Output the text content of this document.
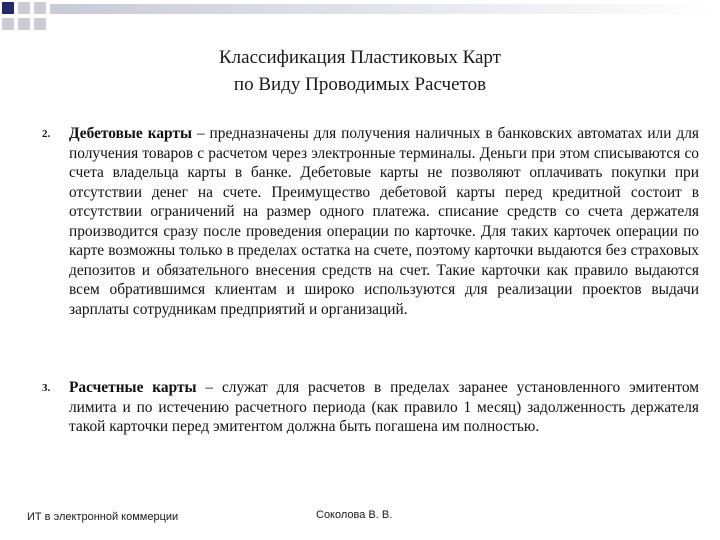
Классификация Пластиковых Карт
по Виду Проводимых Расчетов
2. Дебетовые карты – предназначены для получения наличных в банковских автоматах или для получения товаров с расчетом через электронные терминалы. Деньги при этом списываются со счета владельца карты в банке. Дебетовые карты не позволяют оплачивать покупки при отсутствии денег на счете. Преимущество дебетовой карты перед кредитной состоит в отсутствии ограничений на размер одного платежа. списание средств со счета держателя производится сразу после проведения операции по карточке. Для таких карточек операции по карте возможны только в пределах остатка на счете, поэтому карточки выдаются без страховых депозитов и обязательного внесения средств на счет. Такие карточки как правило выдаются всем обратившимся клиентам и широко используются для реализации проектов выдачи зарплаты сотрудникам предприятий и организаций.
3. Расчетные карты – служат для расчетов в пределах заранее установленного эмитентом лимита и по истечению расчетного периода (как правило 1 месяц) задолженность держателя такой карточки перед эмитентом должна быть погашена им полностью.
ИТ в электронной коммерции	Соколова В. В.
